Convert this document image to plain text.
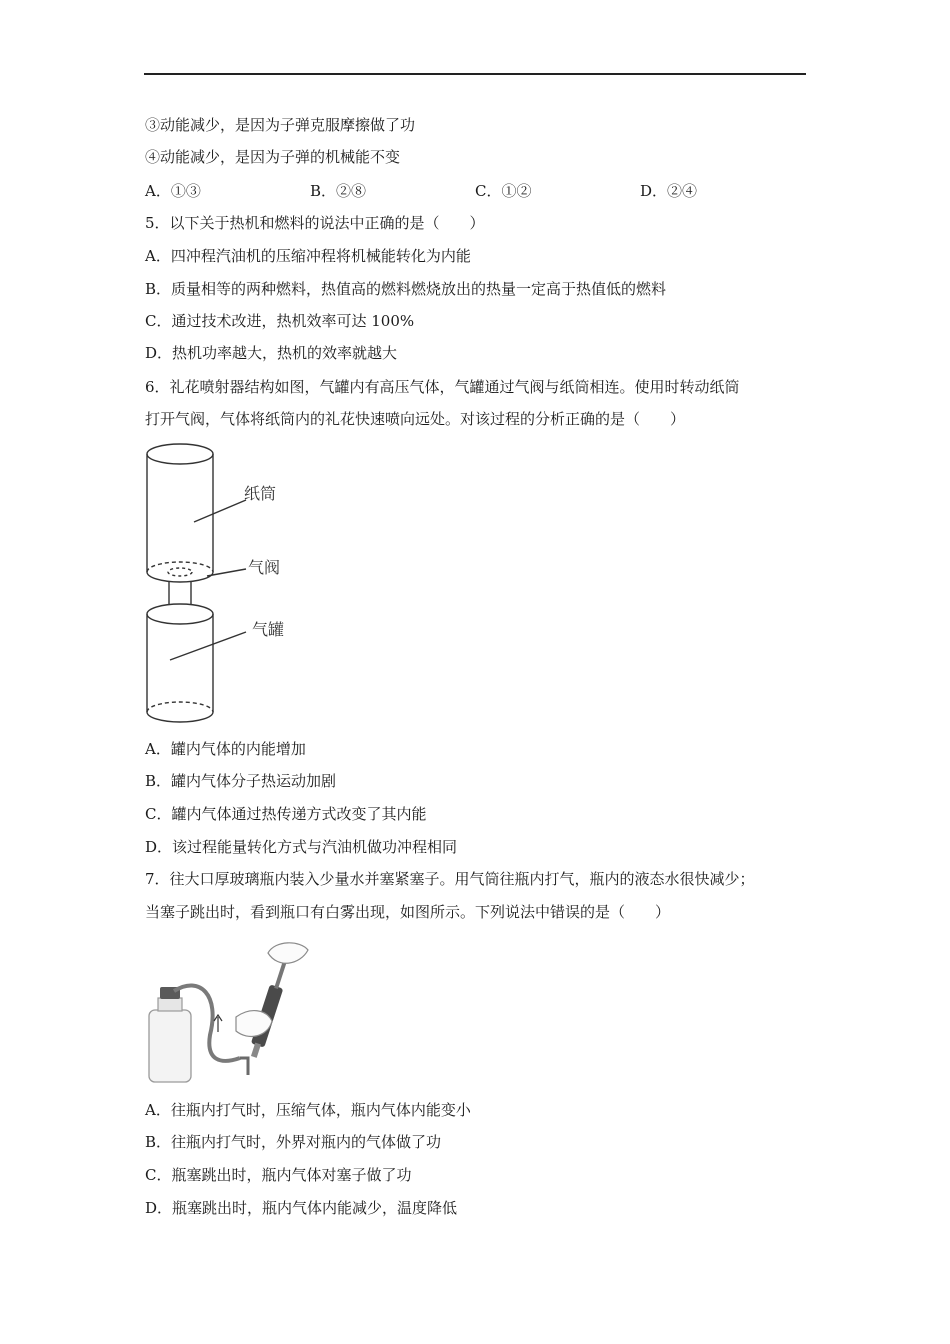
③动能减少，是因为子弹克服摩擦做了功
④动能减少，是因为子弹的机械能不变
A．①③	B．②⑧	C．①②	D．②④
5．以下关于热机和燃料的说法中正确的是（　　）
A．四冲程汽油机的压缩冲程将机械能转化为内能
B．质量相等的两种燃料，热值高的燃料燃烧放出的热量一定高于热值低的燃料
C．通过技术改进，热机效率可达 100%
D．热机功率越大，热机的效率就越大
6．礼花喷射器结构如图，气罐内有高压气体，气罐通过气阀与纸筒相连。使用时转动纸筒
打开气阀，气体将纸筒内的礼花快速喷向远处。对该过程的分析正确的是（　　）
纸筒
气阀
气罐
A．罐内气体的内能增加
B．罐内气体分子热运动加剧
C．罐内气体通过热传递方式改变了其内能
D．该过程能量转化方式与汽油机做功冲程相同
7．往大口厚玻璃瓶内装入少量水并塞紧塞子。用气筒往瓶内打气，瓶内的液态水很快减少；
当塞子跳出时，看到瓶口有白雾出现，如图所示。下列说法中错误的是（　　）
A．往瓶内打气时，压缩气体，瓶内气体内能变小
B．往瓶内打气时，外界对瓶内的气体做了功
C．瓶塞跳出时，瓶内气体对塞子做了功
D．瓶塞跳出时，瓶内气体内能减少，温度降低
